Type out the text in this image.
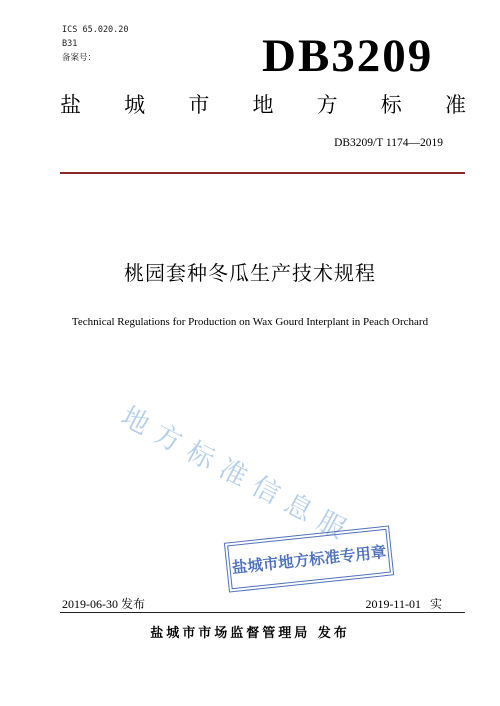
ICS 65.020.20
B31
备案号：	DB3209
盐 城 市 地 方 标 准
DB3209/T 1174—2019
桃园套种冬瓜生产技术规程
Technical Regulations for Production on Wax Gourd Interplant in Peach Orchard
地方标准信息服
盐城市地方标准专用章
2019-06-30 发布	2019-11-01   实
盐城市市场监督管理局 发布
